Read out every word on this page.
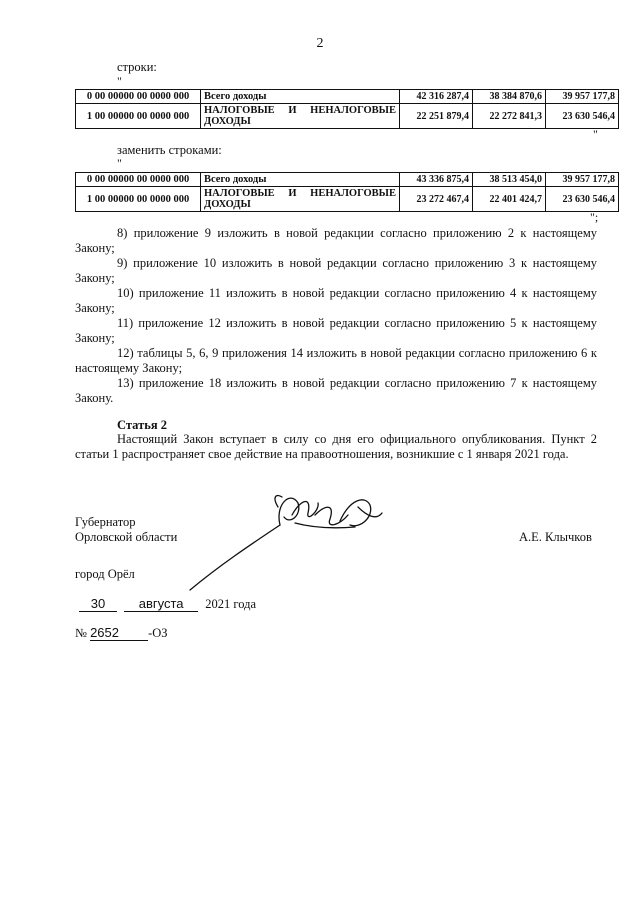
2
строки:
"
0 00 00000 00 0000 000	Всего доходы	42 316 287,4	38 384 870,6	39 957 177,8
1 00 00000 00 0000 000	НАЛОГОВЫЕ И НЕНАЛОГОВЫЕ
ДОХОДЫ	22 251 879,4	22 272 841,3	23 630 546,4
"
заменить строками:
"
0 00 00000 00 0000 000	Всего доходы	43 336 875,4	38 513 454,0	39 957 177,8
1 00 00000 00 0000 000	НАЛОГОВЫЕ И НЕНАЛОГОВЫЕ
ДОХОДЫ	23 272 467,4	22 401 424,7	23 630 546,4
";

8) приложение 9 изложить в новой редакции согласно приложению 2 к настоящему Закону;

9) приложение 10 изложить в новой редакции согласно приложению 3 к настоящему Закону;

10) приложение 11 изложить в новой редакции согласно приложению 4 к настоящему Закону;

11) приложение 12 изложить в новой редакции согласно приложению 5 к настоящему Закону;

12) таблицы 5, 6, 9 приложения 14 изложить в новой редакции согласно приложению 6 к настоящему Закону;

13) приложение 18 изложить в новой редакции согласно приложению 7 к настоящему Закону.

Статья 2

Настоящий Закон вступает в силу со дня его официального опубликования. Пункт 2 статьи 1 распространяет свое действие на правоотношения, возникшие с 1 января 2021 года.

Губернатор
Орловской области	А.Е. Клычков
город Орёл
30	августа 2021 года
№ 2652 -ОЗ
